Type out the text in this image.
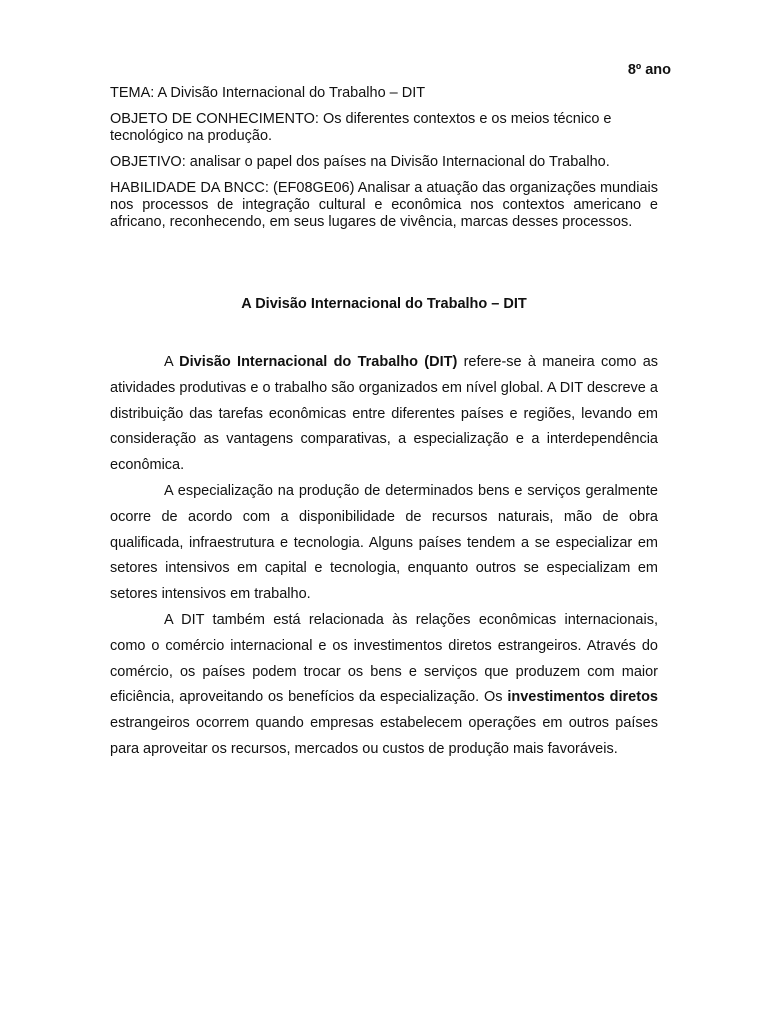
8º ano

TEMA: A Divisão Internacional do Trabalho – DIT

OBJETO DE CONHECIMENTO: Os diferentes contextos e os meios técnico e tecnológico na produção.

OBJETIVO: analisar o papel dos países na Divisão Internacional do Trabalho.

HABILIDADE DA BNCC: (EF08GE06) Analisar a atuação das organizações mundiais nos processos de integração cultural e econômica nos contextos americano e africano, reconhecendo, em seus lugares de vivência, marcas desses processos.

A Divisão Internacional do Trabalho – DIT

A Divisão Internacional do Trabalho (DIT) refere-se à maneira como as atividades produtivas e o trabalho são organizados em nível global. A DIT descreve a distribuição das tarefas econômicas entre diferentes países e regiões, levando em consideração as vantagens comparativas, a especialização e a interdependência econômica.

A especialização na produção de determinados bens e serviços geralmente ocorre de acordo com a disponibilidade de recursos naturais, mão de obra qualificada, infraestrutura e tecnologia. Alguns países tendem a se especializar em setores intensivos em capital e tecnologia, enquanto outros se especializam em setores intensivos em trabalho.

A DIT também está relacionada às relações econômicas internacionais, como o comércio internacional e os investimentos diretos estrangeiros. Através do comércio, os países podem trocar os bens e serviços que produzem com maior eficiência, aproveitando os benefícios da especialização. Os investimentos diretos estrangeiros ocorrem quando empresas estabelecem operações em outros países para aproveitar os recursos, mercados ou custos de produção mais favoráveis.
